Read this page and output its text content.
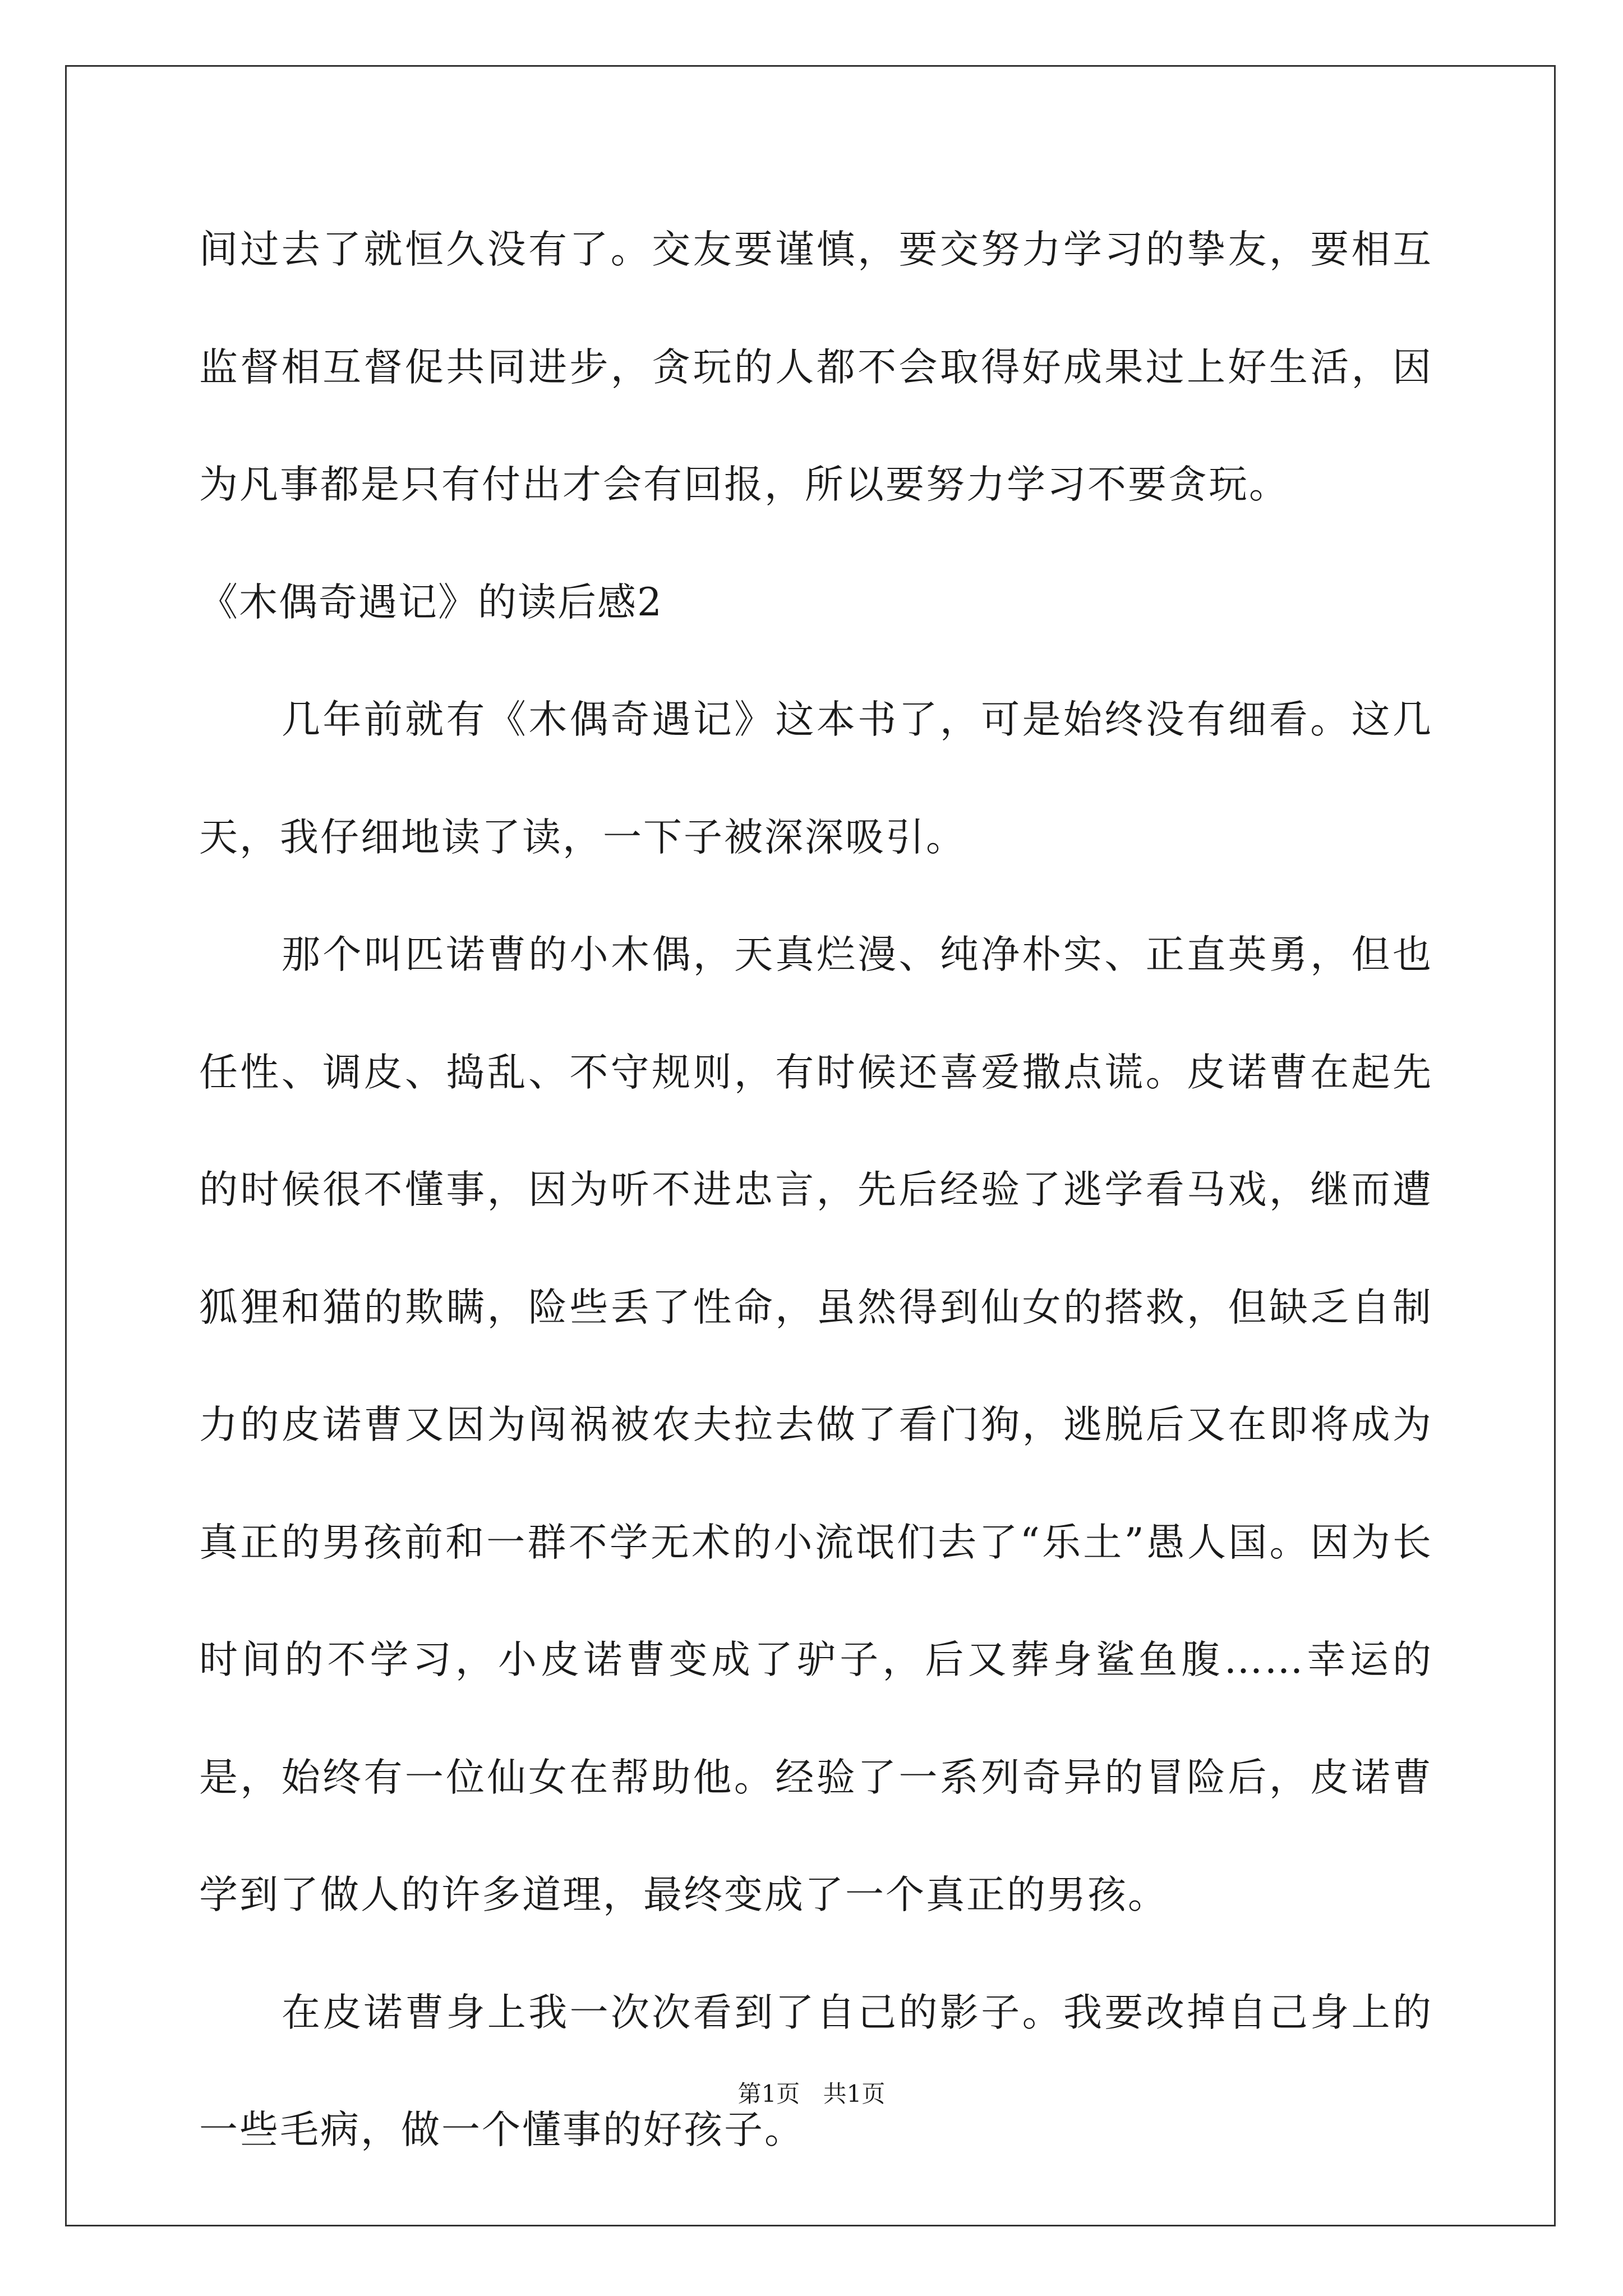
间过去了就恒久没有了。交友要谨慎，要交努力学习的挚友，要相互监督相互督促共同进步，贪玩的人都不会取得好成果过上好生活，因为凡事都是只有付出才会有回报，所以要努力学习不要贪玩。

《木偶奇遇记》的读后感2

几年前就有《木偶奇遇记》这本书了，可是始终没有细看。这几天，我仔细地读了读，一下子被深深吸引。

那个叫匹诺曹的小木偶，天真烂漫、纯净朴实、正直英勇，但也任性、调皮、捣乱、不守规则，有时候还喜爱撒点谎。皮诺曹在起先的时候很不懂事，因为听不进忠言，先后经验了逃学看马戏，继而遭狐狸和猫的欺瞒，险些丢了性命，虽然得到仙女的搭救，但缺乏自制力的皮诺曹又因为闯祸被农夫拉去做了看门狗，逃脱后又在即将成为真正的男孩前和一群不学无术的小流氓们去了“乐土”愚人国。因为长时间的不学习，小皮诺曹变成了驴子，后又葬身鲨鱼腹……幸运的是，始终有一位仙女在帮助他。经验了一系列奇异的冒险后，皮诺曹学到了做人的许多道理，最终变成了一个真正的男孩。

在皮诺曹身上我一次次看到了自己的影子。我要改掉自己身上的一些毛病，做一个懂事的好孩子。

第1页 共1页
